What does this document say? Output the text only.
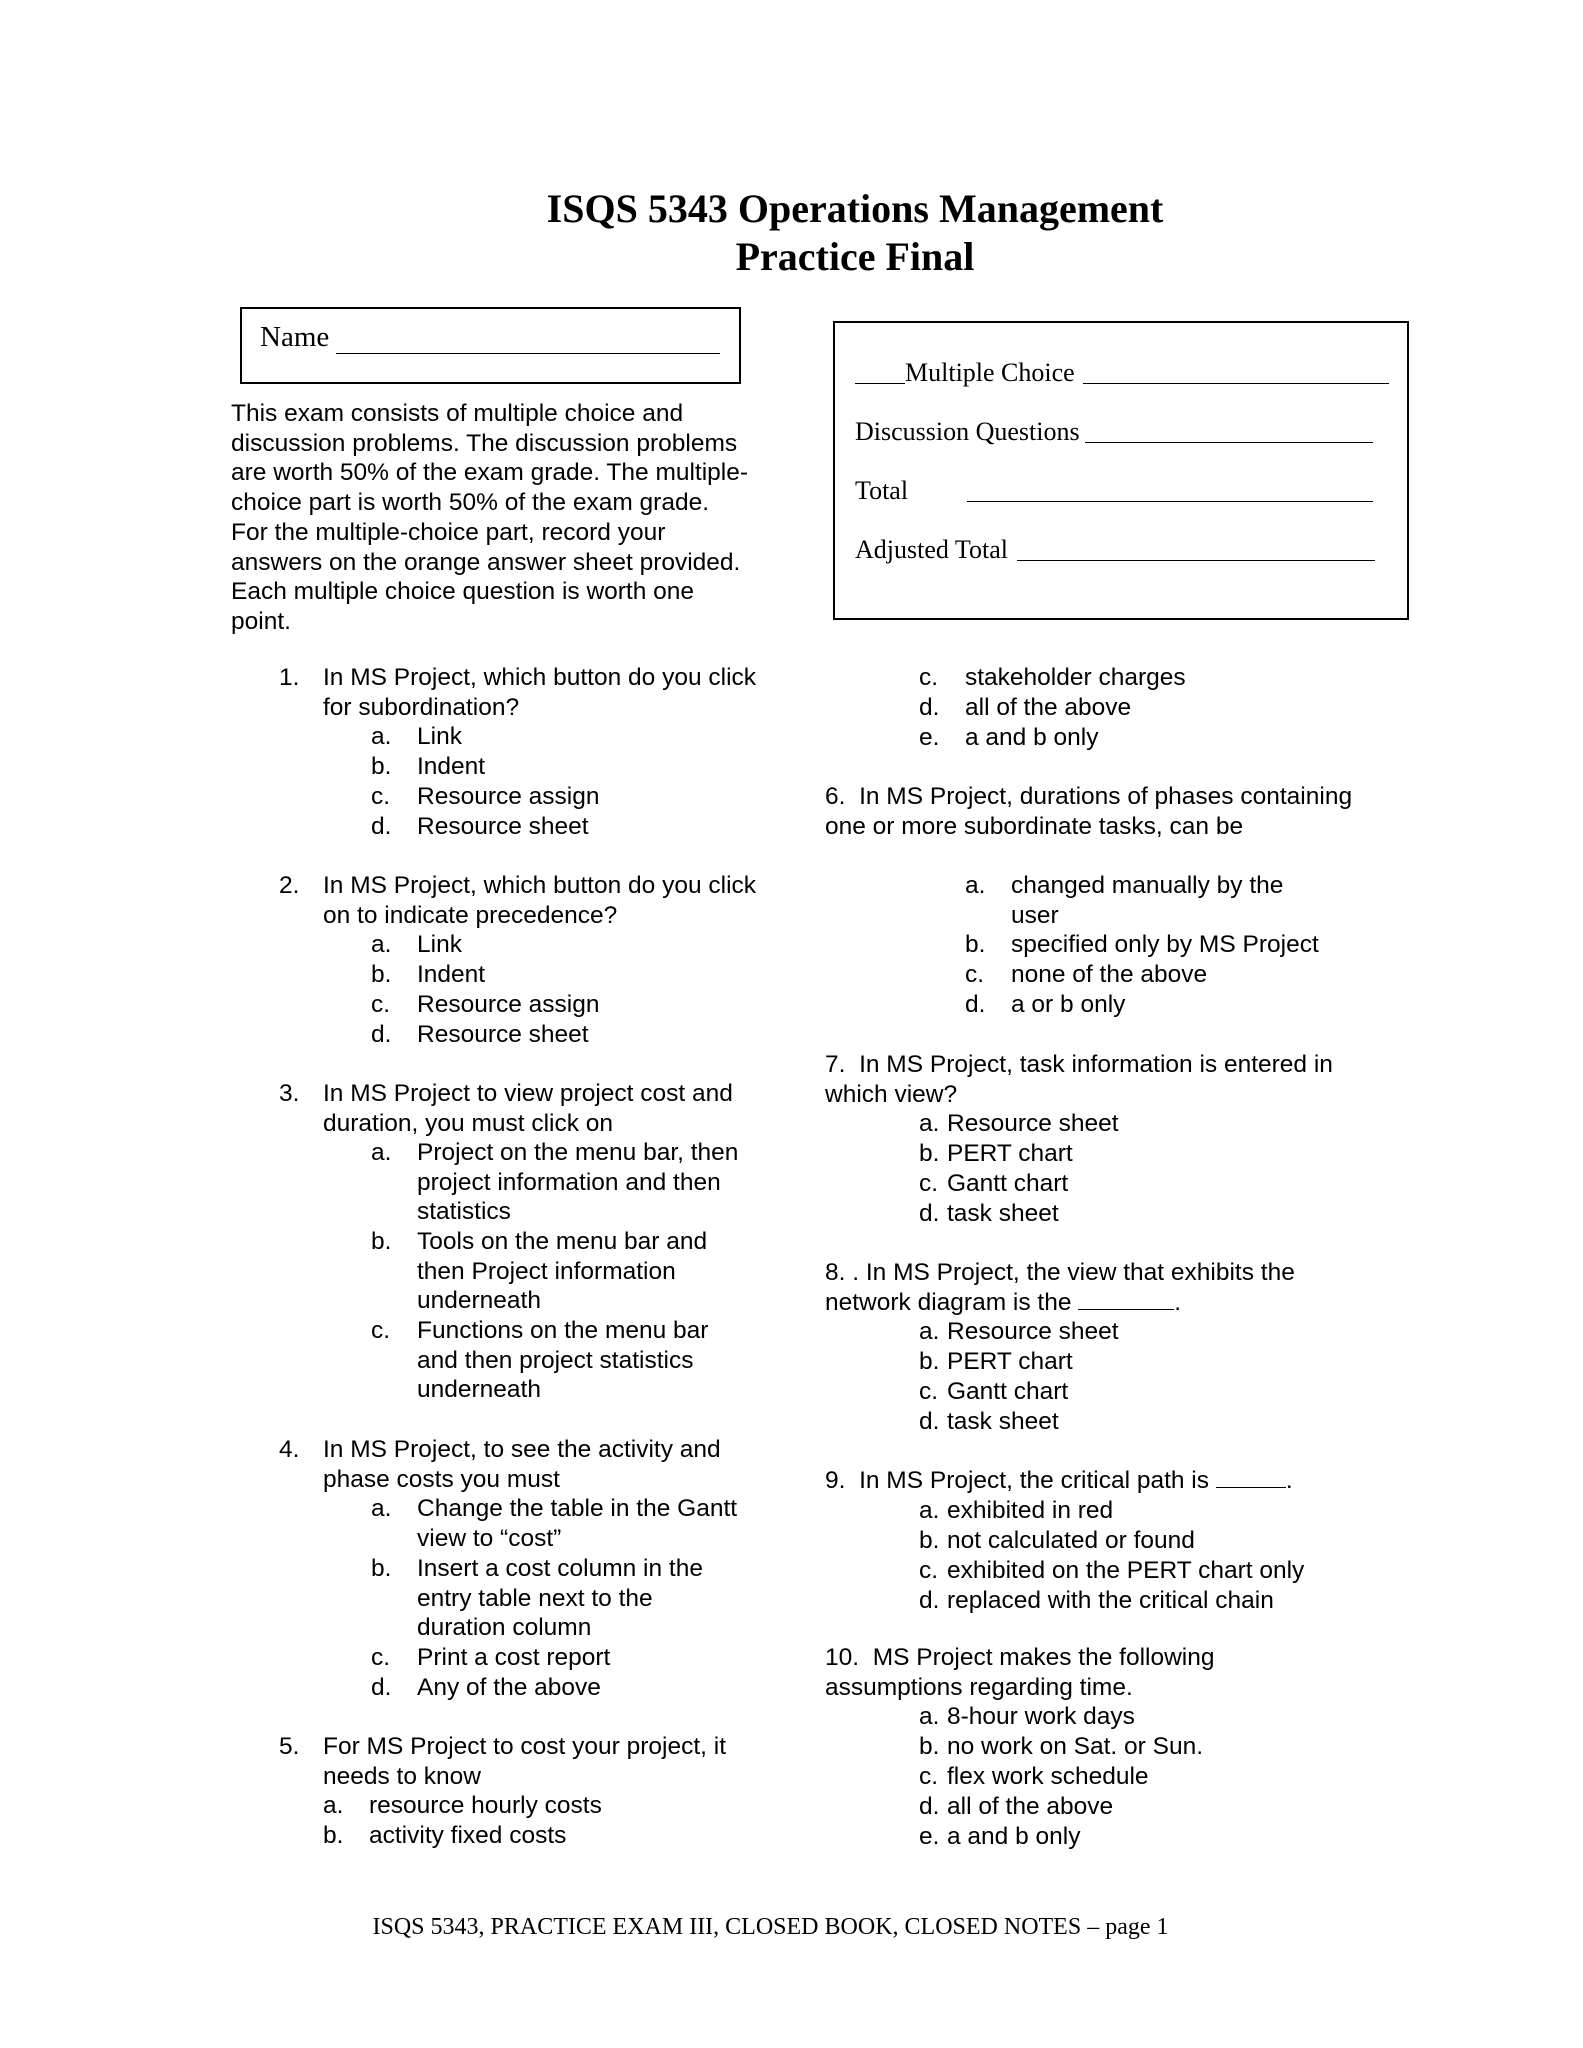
ISQS 5343 Operations Management
Practice Final
Name
Multiple Choice
Discussion Questions
Total
Adjusted Total
This exam consists of multiple choice and discussion problems. The discussion problems are worth 50% of the exam grade. The multiple-choice part is worth 50% of the exam grade. For the multiple-choice part, record your answers on the orange answer sheet provided. Each multiple choice question is worth one point.
1. In MS Project, which button do you click for subordination?
a. Link
b. Indent
c. Resource assign
d. Resource sheet
2. In MS Project, which button do you click on to indicate precedence?
a. Link
b. Indent
c. Resource assign
d. Resource sheet
3. In MS Project to view project cost and duration, you must click on
a. Project on the menu bar, then project information and then statistics
b. Tools on the menu bar and then Project information underneath
c. Functions on the menu bar and then project statistics underneath
4. In MS Project, to see the activity and phase costs you must
a. Change the table in the Gantt view to “cost”
b. Insert a cost column in the entry table next to the duration column
c. Print a cost report
d. Any of the above
5. For MS Project to cost your project, it needs to know
a. resource hourly costs
b. activity fixed costs
c. stakeholder charges
d. all of the above
e. a and b only
6. In MS Project, durations of phases containing one or more subordinate tasks, can be
a. changed manually by the user
b. specified only by MS Project
c. none of the above
d. a or b only
7. In MS Project, task information is entered in which view?
a. Resource sheet
b. PERT chart
c. Gantt chart
d. task sheet
8. . In MS Project, the view that exhibits the network diagram is the	.
a. Resource sheet
b. PERT chart
c. Gantt chart
d. task sheet
9. In MS Project, the critical path is	.
a. exhibited in red
b. not calculated or found
c. exhibited on the PERT chart only
d. replaced with the critical chain
10. MS Project makes the following assumptions regarding time.
a. 8-hour work days
b. no work on Sat. or Sun.
c. flex work schedule
d. all of the above
e. a and b only
ISQS 5343, PRACTICE EXAM III, CLOSED BOOK, CLOSED NOTES – page 1
